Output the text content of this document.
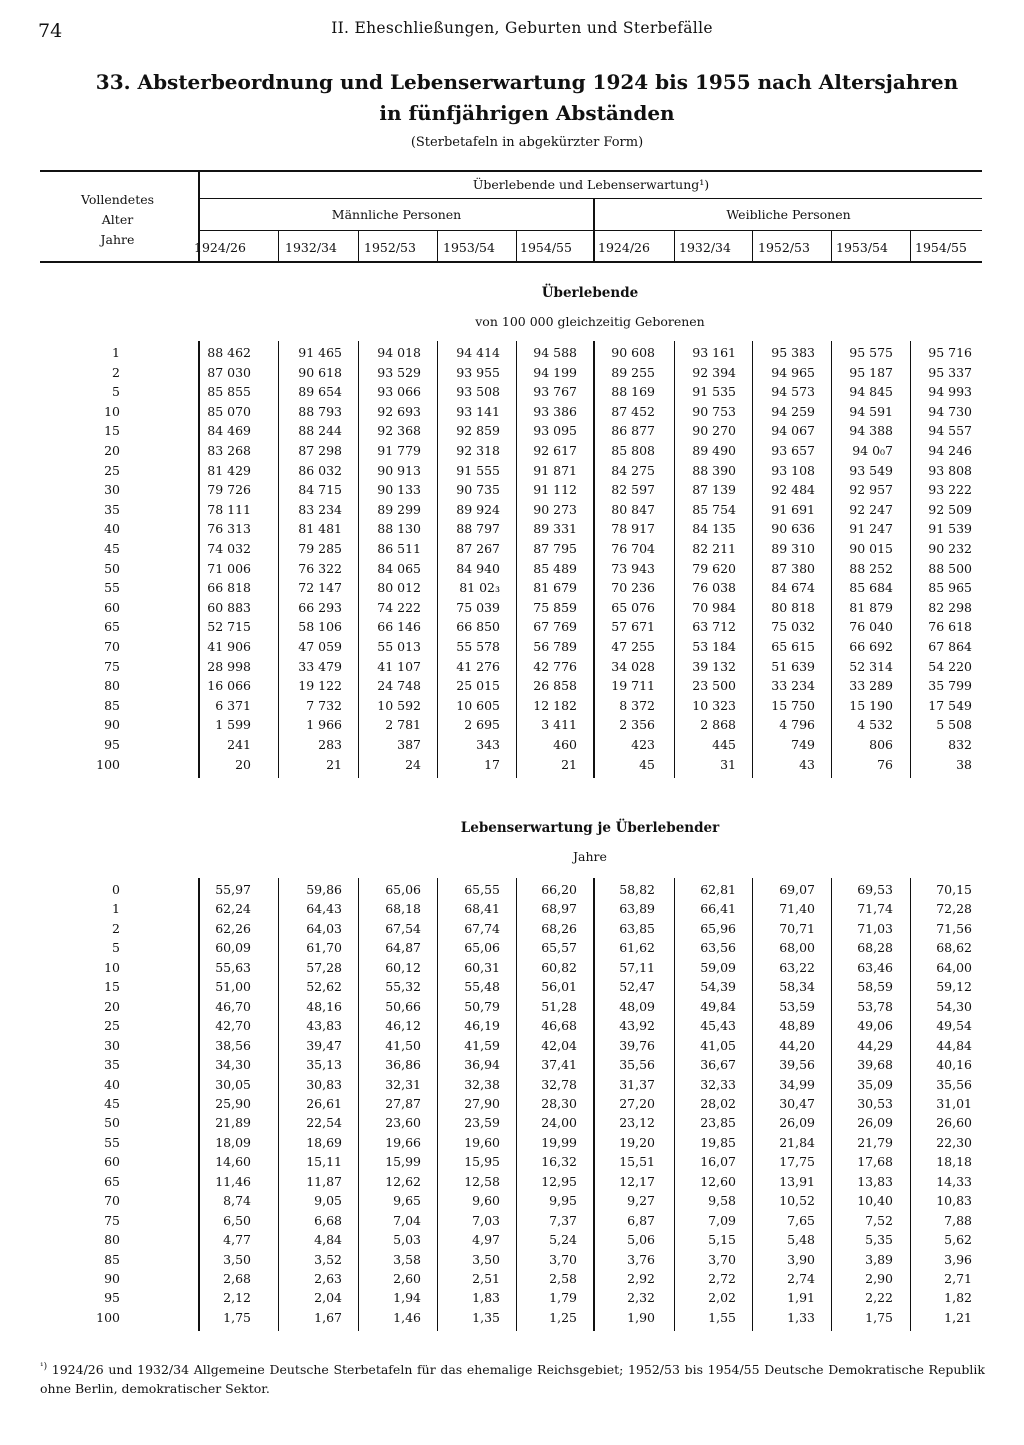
74	II. Eheschließungen, Geburten und Sterbefälle
33. Absterbeordnung und Lebenserwartung 1924 bis 1955 nach Altersjahren
in fünfjährigen Abständen
(Sterbetafeln in abgekürzter Form)
Vollendetes
Alter
Jahre
Überlebende und Lebenserwartung¹)
Männliche Personen	Weibliche Personen
1924/26	1932/34	1952/53	1953/54	1954/55	1924/26	1932/34	1952/53	1953/54	1954/55
Überlebende
von 100 000 gleichzeitig Geborenen
1	88 462	91 465	94 018	94 414	94 588	90 608	93 161	95 383	95 575	95 716
2	87 030	90 618	93 529	93 955	94 199	89 255	92 394	94 965	95 187	95 337
5	85 855	89 654	93 066	93 508	93 767	88 169	91 535	94 573	94 845	94 993
10	85 070	88 793	92 693	93 141	93 386	87 452	90 753	94 259	94 591	94 730
15	84 469	88 244	92 368	92 859	93 095	86 877	90 270	94 067	94 388	94 557
20	83 268	87 298	91 779	92 318	92 617	85 808	89 490	93 657	94 0₀7	94 246
25	81 429	86 032	90 913	91 555	91 871	84 275	88 390	93 108	93 549	93 808
30	79 726	84 715	90 133	90 735	91 112	82 597	87 139	92 484	92 957	93 222
35	78 111	83 234	89 299	89 924	90 273	80 847	85 754	91 691	92 247	92 509
40	76 313	81 481	88 130	88 797	89 331	78 917	84 135	90 636	91 247	91 539
45	74 032	79 285	86 511	87 267	87 795	76 704	82 211	89 310	90 015	90 232
50	71 006	76 322	84 065	84 940	85 489	73 943	79 620	87 380	88 252	88 500
55	66 818	72 147	80 012	81 02₃	81 679	70 236	76 038	84 674	85 684	85 965
60	60 883	66 293	74 222	75 039	75 859	65 076	70 984	80 818	81 879	82 298
65	52 715	58 106	66 146	66 850	67 769	57 671	63 712	75 032	76 040	76 618
70	41 906	47 059	55 013	55 578	56 789	47 255	53 184	65 615	66 692	67 864
75	28 998	33 479	41 107	41 276	42 776	34 028	39 132	51 639	52 314	54 220
80	16 066	19 122	24 748	25 015	26 858	19 711	23 500	33 234	33 289	35 799
85	6 371	7 732	10 592	10 605	12 182	8 372	10 323	15 750	15 190	17 549
90	1 599	1 966	2 781	2 695	3 411	2 356	2 868	4 796	4 532	5 508
95	241	283	387	343	460	423	445	749	806	832
100	20	21	24	17	21	45	31	43	76	38
Lebenserwartung je Überlebender
Jahre
0	55,97	59,86	65,06	65,55	66,20	58,82	62,81	69,07	69,53	70,15
1	62,24	64,43	68,18	68,41	68,97	63,89	66,41	71,40	71,74	72,28
2	62,26	64,03	67,54	67,74	68,26	63,85	65,96	70,71	71,03	71,56
5	60,09	61,70	64,87	65,06	65,57	61,62	63,56	68,00	68,28	68,62
10	55,63	57,28	60,12	60,31	60,82	57,11	59,09	63,22	63,46	64,00
15	51,00	52,62	55,32	55,48	56,01	52,47	54,39	58,34	58,59	59,12
20	46,70	48,16	50,66	50,79	51,28	48,09	49,84	53,59	53,78	54,30
25	42,70	43,83	46,12	46,19	46,68	43,92	45,43	48,89	49,06	49,54
30	38,56	39,47	41,50	41,59	42,04	39,76	41,05	44,20	44,29	44,84
35	34,30	35,13	36,86	36,94	37,41	35,56	36,67	39,56	39,68	40,16
40	30,05	30,83	32,31	32,38	32,78	31,37	32,33	34,99	35,09	35,56
45	25,90	26,61	27,87	27,90	28,30	27,20	28,02	30,47	30,53	31,01
50	21,89	22,54	23,60	23,59	24,00	23,12	23,85	26,09	26,09	26,60
55	18,09	18,69	19,66	19,60	19,99	19,20	19,85	21,84	21,79	22,30
60	14,60	15,11	15,99	15,95	16,32	15,51	16,07	17,75	17,68	18,18
65	11,46	11,87	12,62	12,58	12,95	12,17	12,60	13,91	13,83	14,33
70	8,74	9,05	9,65	9,60	9,95	9,27	9,58	10,52	10,40	10,83
75	6,50	6,68	7,04	7,03	7,37	6,87	7,09	7,65	7,52	7,88
80	4,77	4,84	5,03	4,97	5,24	5,06	5,15	5,48	5,35	5,62
85	3,50	3,52	3,58	3,50	3,70	3,76	3,70	3,90	3,89	3,96
90	2,68	2,63	2,60	2,51	2,58	2,92	2,72	2,74	2,90	2,71
95	2,12	2,04	1,94	1,83	1,79	2,32	2,02	1,91	2,22	1,82
100	1,75	1,67	1,46	1,35	1,25	1,90	1,55	1,33	1,75	1,21
$^{^1)}$ 1924/26 und 1932/34 Allgemeine Deutsche Sterbetafeln für das ehemalige Reichsgebiet; 1952/53 bis 1954/55 Deutsche Demokratische Republik ohne Berlin, demokratischer Sektor.
